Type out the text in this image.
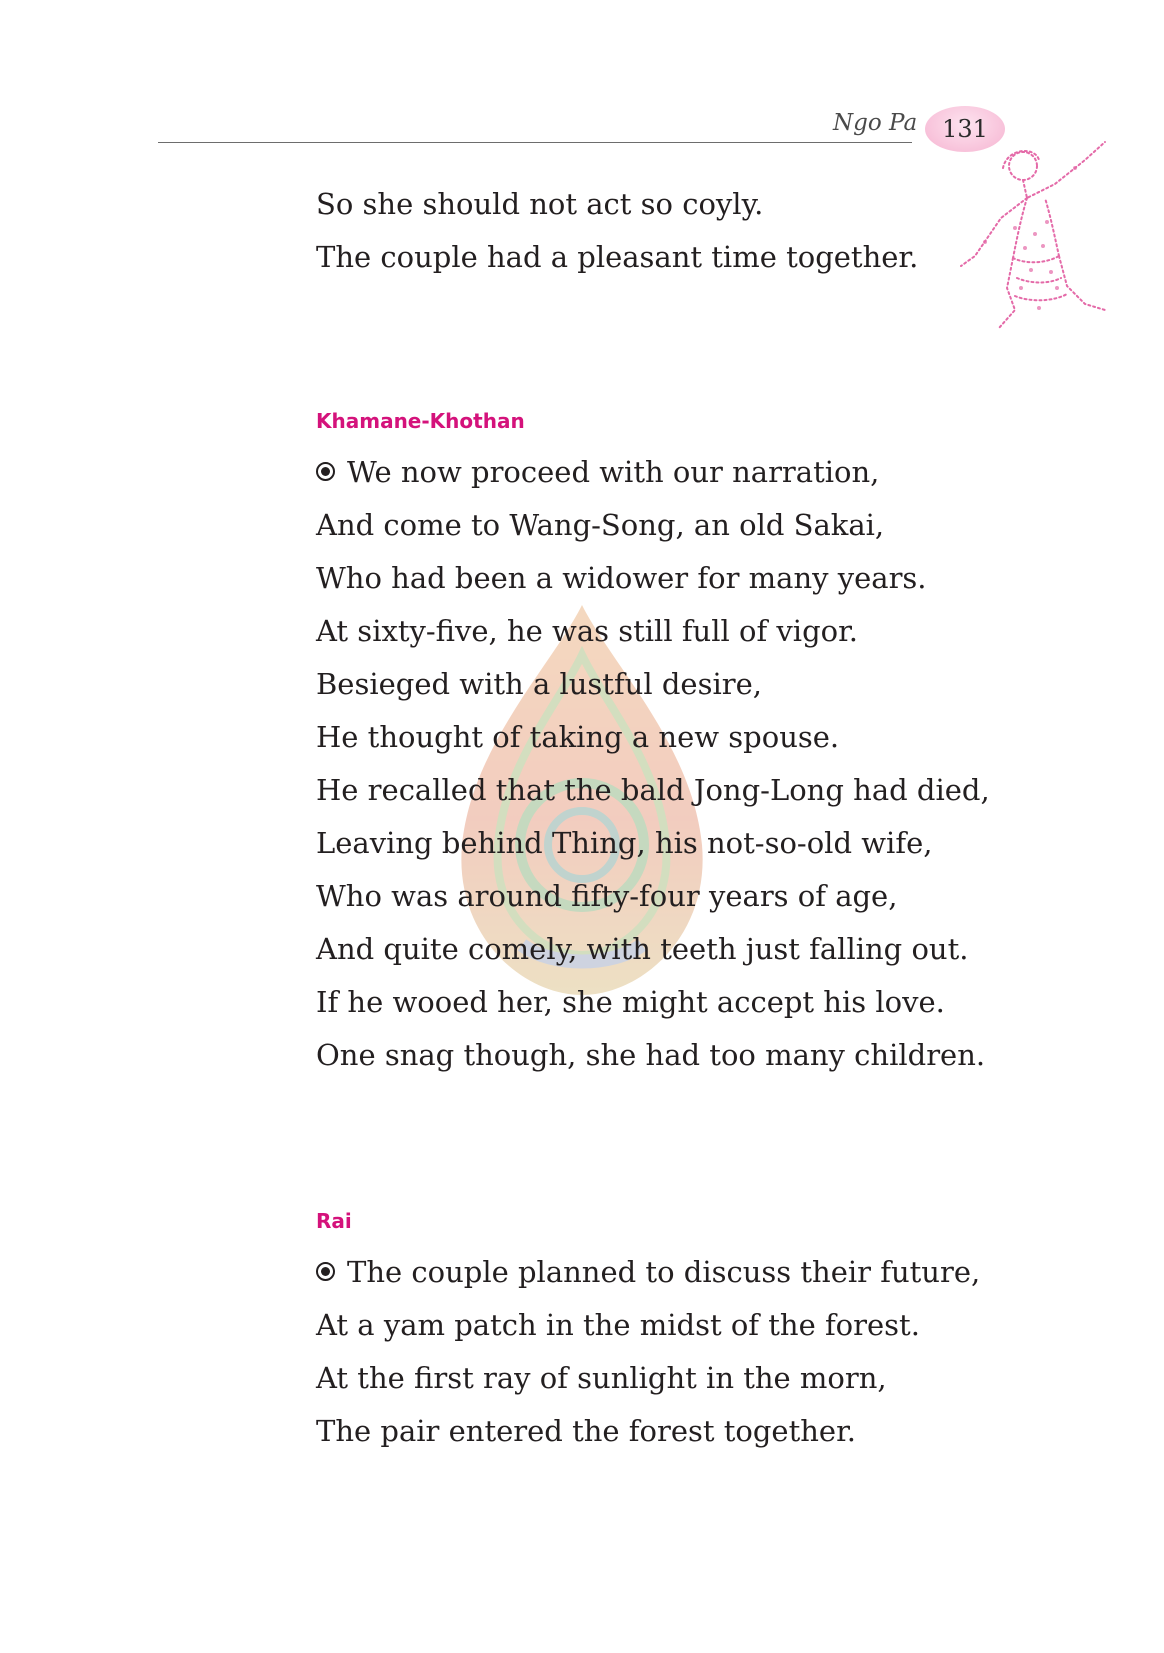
Ngo Pa 131
So she should not act so coyly.
The couple had a pleasant time together.
Khamane-Khothan
We now proceed with our narration,
And come to Wang-Song, an old Sakai,
Who had been a widower for many years.
At sixty-five, he was still full of vigor.
Besieged with a lustful desire,
He thought of taking a new spouse.
He recalled that the bald Jong-Long had died,
Leaving behind Thing, his not-so-old wife,
Who was around fifty-four years of age,
And quite comely, with teeth just falling out.
If he wooed her, she might accept his love.
One snag though, she had too many children.
Rai
The couple planned to discuss their future,
At a yam patch in the midst of the forest.
At the first ray of sunlight in the morn,
The pair entered the forest together.
